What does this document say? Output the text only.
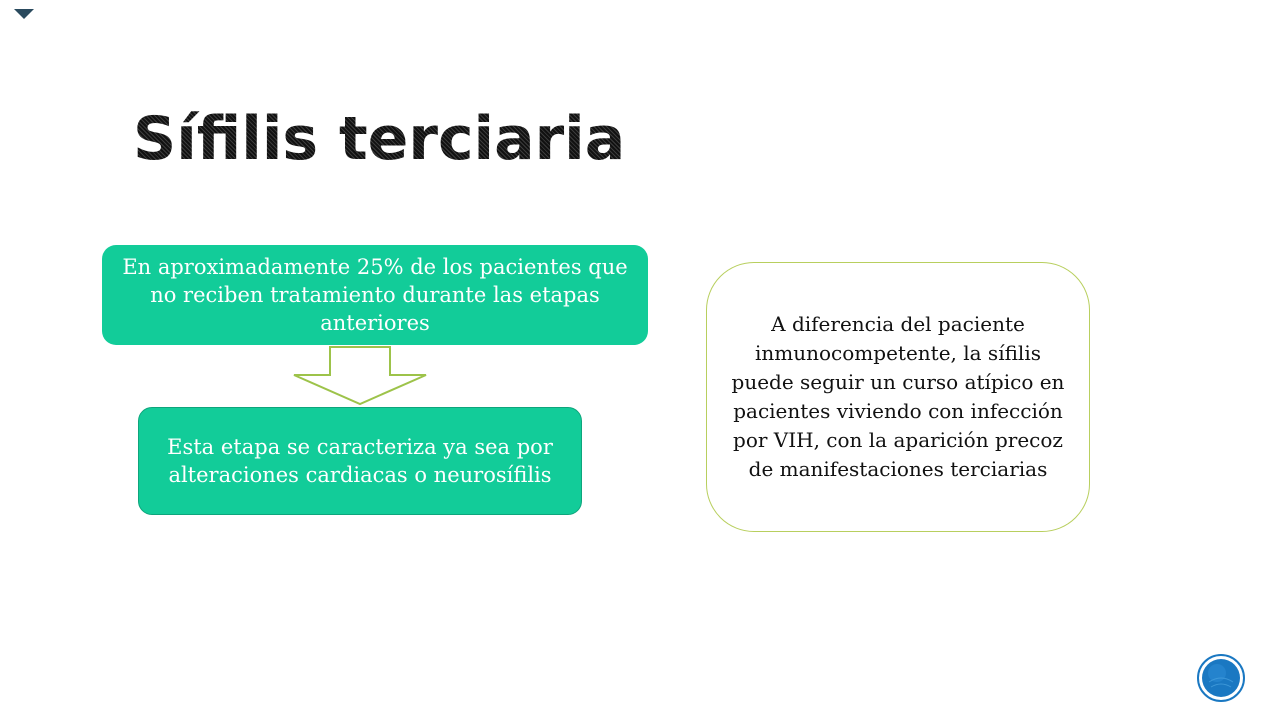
Sífilis terciaria
En aproximadamente 25% de los pacientes que no reciben tratamiento durante las etapas anteriores
Esta etapa se caracteriza ya sea por alteraciones cardiacas o neurosífilis
A diferencia del paciente inmunocompetente, la sífilis puede seguir un curso atípico en pacientes viviendo con infección por VIH, con la aparición precoz de manifestaciones terciarias
